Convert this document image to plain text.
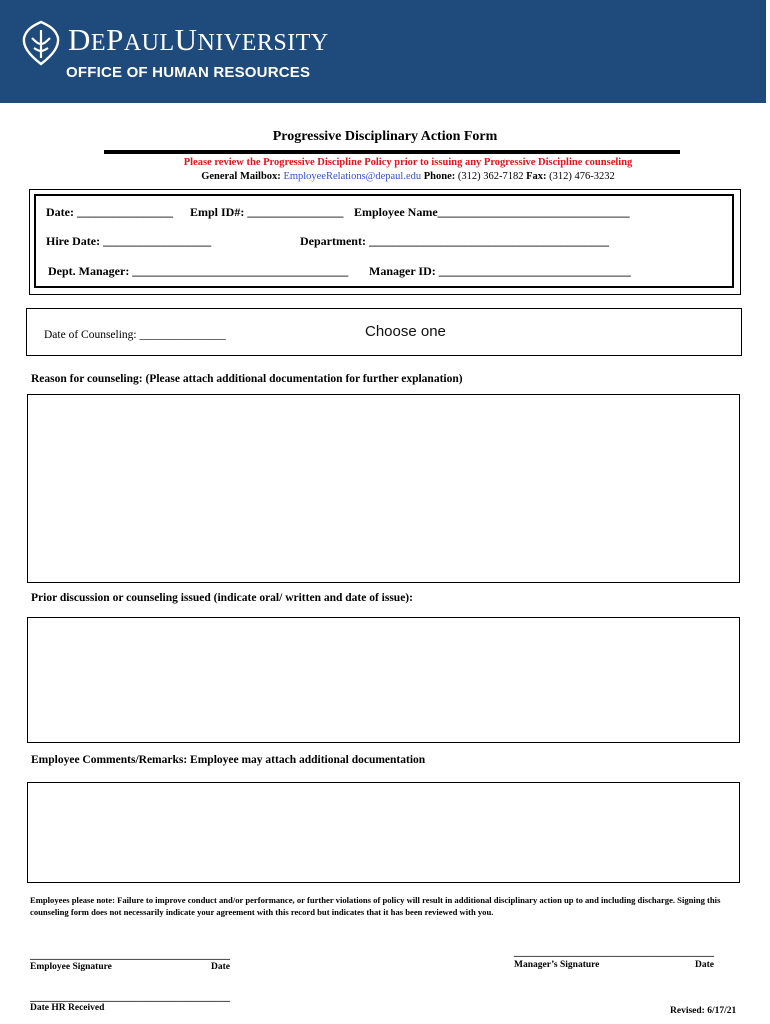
DEPAULUNIVERSITY
OFFICE OF HUMAN RESOURCES
Progressive Disciplinary Action Form
Please review the Progressive Discipline Policy prior to issuing any Progressive Discipline counseling
General Mailbox: EmployeeRelations@depaul.edu Phone: (312) 362-7182 Fax: (312) 476-3232
Date: ________________ Empl ID#: ________________ Employee Name________________________________
Hire Date: __________________	Department: ________________________________________
Dept. Manager: ____________________________________ Manager ID: ________________________________
Date of Counseling: _______________	Choose one
Reason for counseling: (Please attach additional documentation for further explanation)
Prior discussion or counseling issued (indicate oral/ written and date of issue):
Employee Comments/Remarks: Employee may attach additional documentation
Employees please note: Failure to improve conduct and/or performance, or further violations of policy will result in additional disciplinary action up to and including discharge. Signing this counseling form does not necessarily indicate your agreement with this record but indicates that it has been reviewed with you.
________________________________________
Employee Signature	Date
________________________________________
Manager’s Signature	Date
________________________________________
Date HR Received	Revised: 6/17/21
